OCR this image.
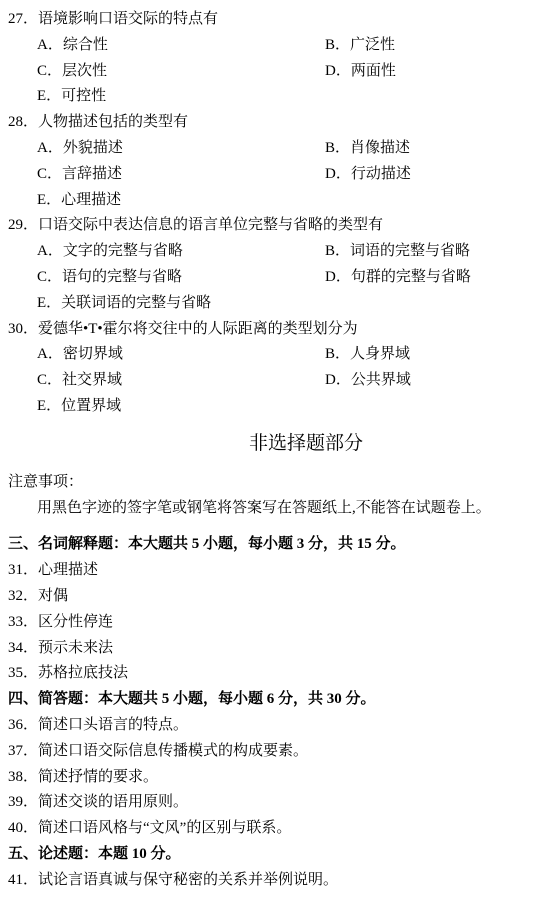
27．语境影响口语交际的特点有
A．综合性	B．广泛性
C．层次性	D．两面性
E．可控性
28．人物描述包括的类型有
A．外貌描述	B．肖像描述
C．言辞描述	D．行动描述
E．心理描述
29．口语交际中表达信息的语言单位完整与省略的类型有
A．文字的完整与省略	B．词语的完整与省略
C．语句的完整与省略	D．句群的完整与省略
E．关联词语的完整与省略
30．爱德华•T•霍尔将交往中的人际距离的类型划分为
A．密切界域	B．人身界域
C．社交界域	D．公共界域
E．位置界域
非选择题部分
注意事项：
用黑色字迹的签字笔或钢笔将答案写在答题纸上,不能答在试题卷上。
三、名词解释题：本大题共 5 小题，每小题 3 分，共 15 分。
31．心理描述
32．对偶
33．区分性停连
34．预示未来法
35．苏格拉底技法
四、简答题：本大题共 5 小题，每小题 6 分，共 30 分。
36．简述口头语言的特点。
37．简述口语交际信息传播模式的构成要素。
38．简述抒情的要求。
39．简述交谈的语用原则。
40．简述口语风格与“文风”的区别与联系。
五、论述题：本题 10 分。
41．试论言语真诚与保守秘密的关系并举例说明。
